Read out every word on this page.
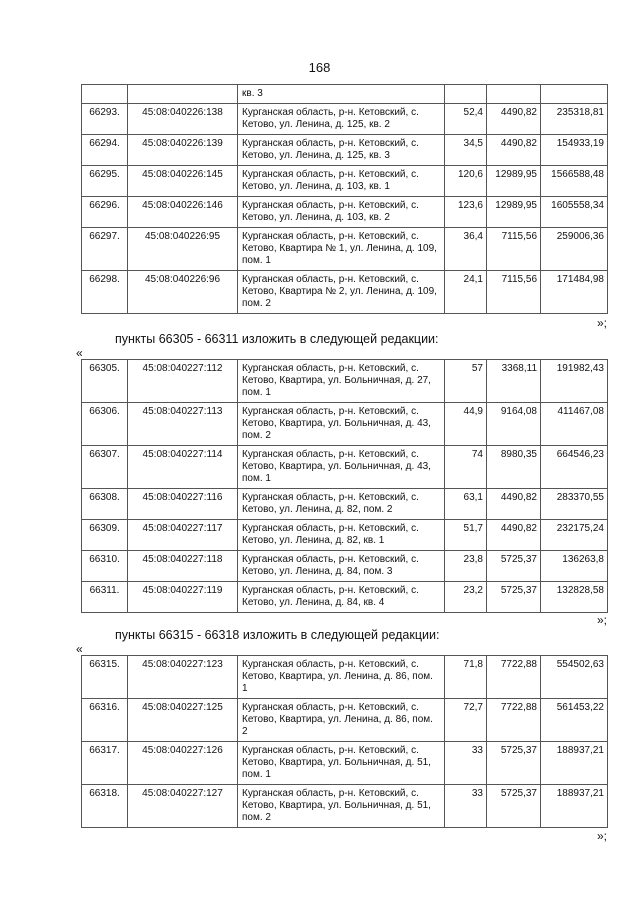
168
		кв. 3			
66293.	45:08:040226:138	Курганская область, р-н. Кетовский, с. Кетово, ул. Ленина, д. 125, кв. 2	52,4	4490,82	235318,81
66294.	45:08:040226:139	Курганская область, р-н. Кетовский, с. Кетово, ул. Ленина, д. 125, кв. 3	34,5	4490,82	154933,19
66295.	45:08:040226:145	Курганская область, р-н. Кетовский, с. Кетово, ул. Ленина, д. 103, кв. 1	120,6	12989,95	1566588,48
66296.	45:08:040226:146	Курганская область, р-н. Кетовский, с. Кетово, ул. Ленина, д. 103, кв. 2	123,6	12989,95	1605558,34
66297.	45:08:040226:95	Курганская область, р-н. Кетовский, с. Кетово, Квартира № 1, ул. Ленина, д. 109, пом. 1	36,4	7115,56	259006,36
66298.	45:08:040226:96	Курганская область, р-н. Кетовский, с. Кетово, Квартира № 2, ул. Ленина, д. 109, пом. 2	24,1	7115,56	171484,98
»;
пункты 66305 - 66311 изложить в следующей редакции:
«
66305.	45:08:040227:112	Курганская область, р-н. Кетовский, с. Кетово, Квартира, ул. Больничная, д. 27, пом. 1	57	3368,11	191982,43
66306.	45:08:040227:113	Курганская область, р-н. Кетовский, с. Кетово, Квартира, ул. Больничная, д. 43, пом. 2	44,9	9164,08	411467,08
66307.	45:08:040227:114	Курганская область, р-н. Кетовский, с. Кетово, Квартира, ул. Больничная, д. 43, пом. 1	74	8980,35	664546,23
66308.	45:08:040227:116	Курганская область, р-н. Кетовский, с. Кетово, ул. Ленина, д. 82, пом. 2	63,1	4490,82	283370,55
66309.	45:08:040227:117	Курганская область, р-н. Кетовский, с. Кетово, ул. Ленина, д. 82, кв. 1	51,7	4490,82	232175,24
66310.	45:08:040227:118	Курганская область, р-н. Кетовский, с. Кетово, ул. Ленина, д. 84, пом. 3	23,8	5725,37	136263,8
66311.	45:08:040227:119	Курганская область, р-н. Кетовский, с. Кетово, ул. Ленина, д. 84, кв. 4	23,2	5725,37	132828,58
»;
пункты 66315 - 66318 изложить в следующей редакции:
«
66315.	45:08:040227:123	Курганская область, р-н. Кетовский, с. Кетово, Квартира, ул. Ленина, д. 86, пом. 1	71,8	7722,88	554502,63
66316.	45:08:040227:125	Курганская область, р-н. Кетовский, с. Кетово, Квартира, ул. Ленина, д. 86, пом. 2	72,7	7722,88	561453,22
66317.	45:08:040227:126	Курганская область, р-н. Кетовский, с. Кетово, Квартира, ул. Больничная, д. 51, пом. 1	33	5725,37	188937,21
66318.	45:08:040227:127	Курганская область, р-н. Кетовский, с. Кетово, Квартира, ул. Больничная, д. 51, пом. 2	33	5725,37	188937,21
»;
